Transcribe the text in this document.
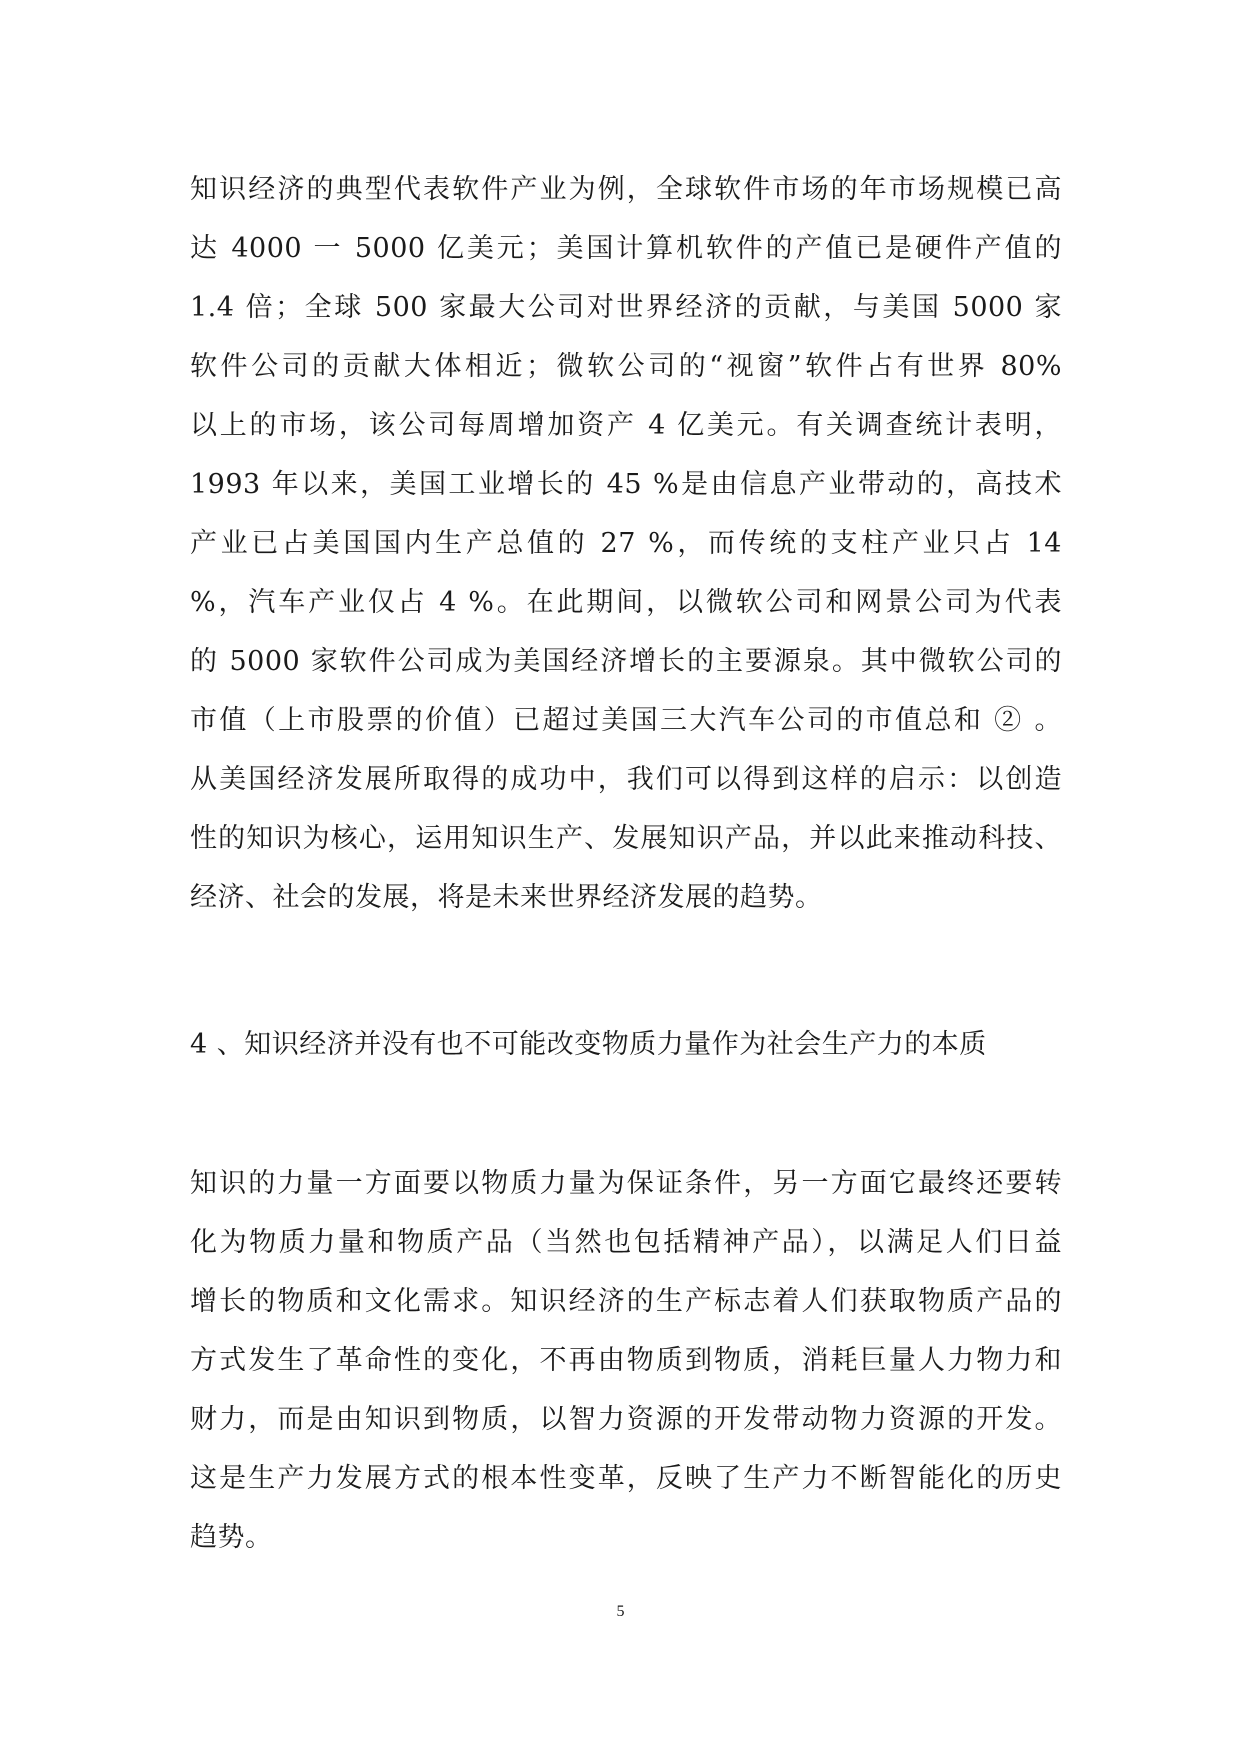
知识经济的典型代表软件产业为例，全球软件市场的年市场规模已高
达 4000 一 5000 亿美元；美国计算机软件的产值已是硬件产值的
1.4 倍；全球 500 家最大公司对世界经济的贡献，与美国 5000 家
软件公司的贡献大体相近；微软公司的“视窗”软件占有世界 80%
以上的市场，该公司每周增加资产 4 亿美元。有关调查统计表明，
1993 年以来，美国工业增长的 45 %是由信息产业带动的，高技术
产业已占美国国内生产总值的 27 %，而传统的支柱产业只占 14
%，汽车产业仅占 4 %。在此期间，以微软公司和网景公司为代表
的 5000 家软件公司成为美国经济增长的主要源泉。其中微软公司的
市值（上市股票的价值）已超过美国三大汽车公司的市值总和 ② 。
从美国经济发展所取得的成功中，我们可以得到这样的启示：以创造
性的知识为核心，运用知识生产、发展知识产品，并以此来推动科技、
经济、社会的发展，将是未来世界经济发展的趋势。
4 、知识经济并没有也不可能改变物质力量作为社会生产力的本质
知识的力量一方面要以物质力量为保证条件，另一方面它最终还要转
化为物质力量和物质产品（当然也包括精神产品），以满足人们日益
增长的物质和文化需求。知识经济的生产标志着人们获取物质产品的
方式发生了革命性的变化，不再由物质到物质，消耗巨量人力物力和
财力，而是由知识到物质，以智力资源的开发带动物力资源的开发。
这是生产力发展方式的根本性变革，反映了生产力不断智能化的历史
趋势。
5
